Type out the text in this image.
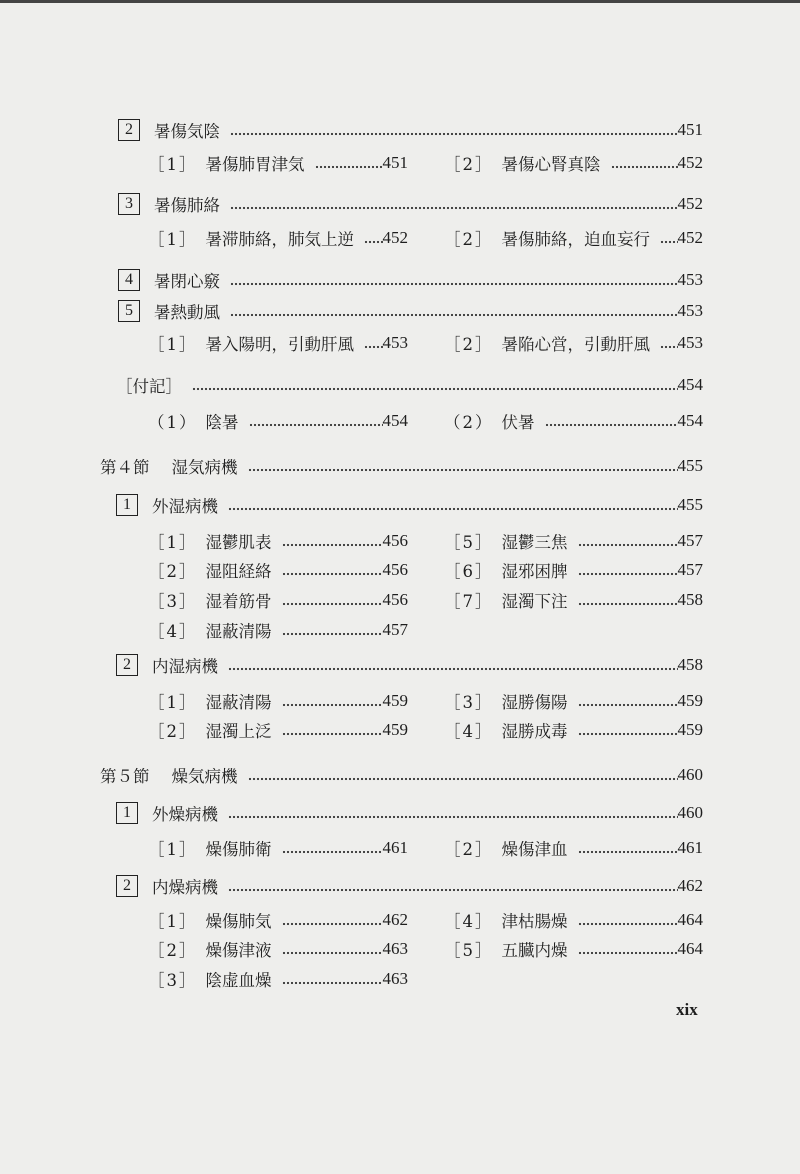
2	暑傷気陰	451
［1］ 暑傷肺胃津気	451 ［2］ 暑傷心腎真陰	452
3	暑傷肺絡	452
［1］ 暑滞肺絡，肺気上逆 452 ［2］ 暑傷肺絡，迫血妄行 452
4	暑閉心竅	453
5	暑熱動風	453
［1］ 暑入陽明，引動肝風 453 ［2］ 暑陥心営，引動肝風 453
［付記］	454
（1） 陰暑	454 （2） 伏暑	454
第４節 湿気病機	455
1	外湿病機	455
［1］ 湿鬱肌表	456 ［5］ 湿鬱三焦	457
［2］ 湿阻経絡	456 ［6］ 湿邪困脾	457
［3］ 湿着筋骨	456 ［7］ 湿濁下注	458
［4］ 湿蔽清陽	457
2	内湿病機	458
［1］ 湿蔽清陽	459 ［3］ 湿勝傷陽	459
［2］ 湿濁上泛	459 ［4］ 湿勝成毒	459
第５節 燥気病機	460
1	外燥病機	460
［1］ 燥傷肺衛	461 ［2］ 燥傷津血	461
2	内燥病機	462
［1］ 燥傷肺気	462 ［4］ 津枯腸燥	464
［2］ 燥傷津液	463 ［5］ 五臓内燥	464
［3］ 陰虚血燥	463
xix
